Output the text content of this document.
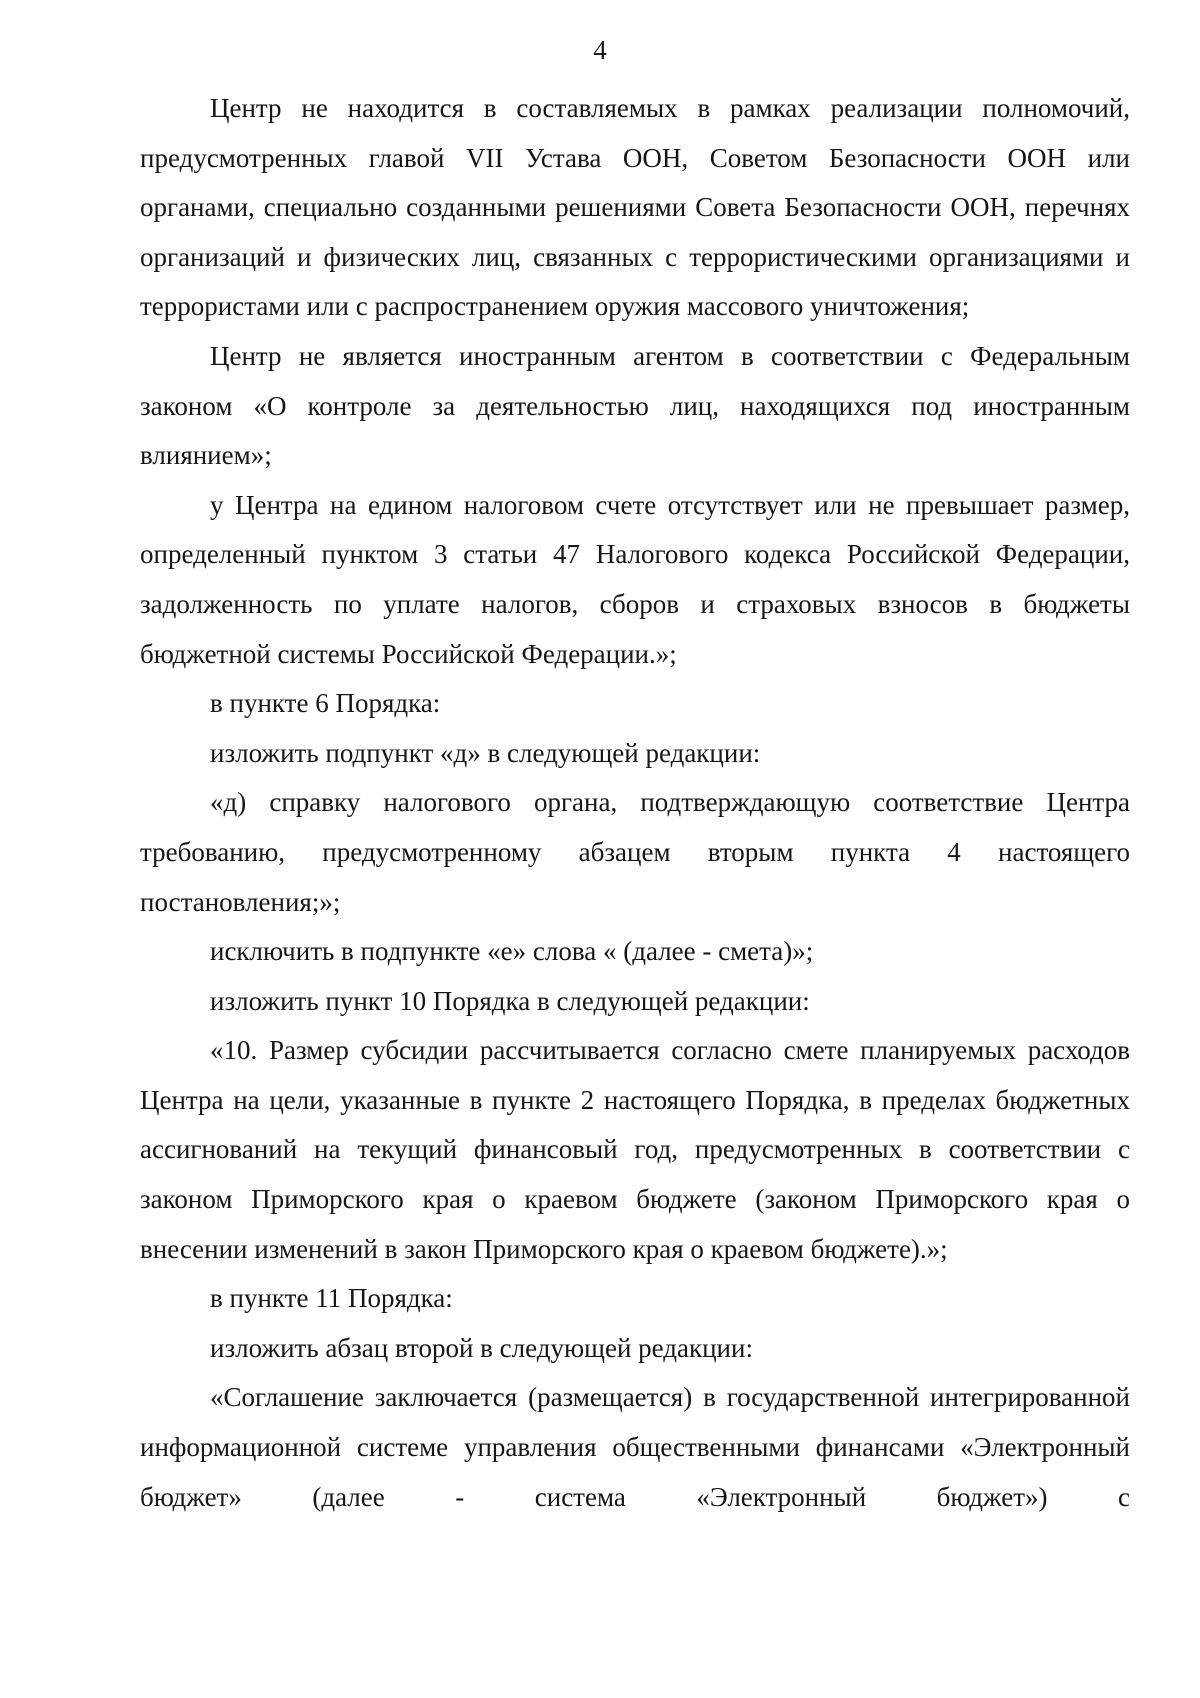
4

Центр не находится в составляемых в рамках реализации полномочий, предусмотренных главой VII Устава ООН, Советом Безопасности ООН или органами, специально созданными решениями Совета Безопасности ООН, перечнях организаций и физических лиц, связанных с террористическими организациями и террористами или с распространением оружия массового уничтожения;

Центр не является иностранным агентом в соответствии с Федеральным законом «О контроле за деятельностью лиц, находящихся под иностранным влиянием»;

у Центра на едином налоговом счете отсутствует или не превышает размер, определенный пунктом 3 статьи 47 Налогового кодекса Российской Федерации, задолженность по уплате налогов, сборов и страховых взносов в бюджеты бюджетной системы Российской Федерации.»;

в пункте 6 Порядка:

изложить подпункт «д» в следующей редакции:

«д) справку налогового органа, подтверждающую соответствие Центра требованию, предусмотренному абзацем вторым пункта 4 настоящего постановления;»;

исключить в подпункте «е» слова « (далее - смета)»;

изложить пункт 10 Порядка в следующей редакции:

«10. Размер субсидии рассчитывается согласно смете планируемых расходов Центра на цели, указанные в пункте 2 настоящего Порядка, в пределах бюджетных ассигнований на текущий финансовый год, предусмотренных в соответствии с законом Приморского края о краевом бюджете (законом Приморского края о внесении изменений в закон Приморского края о краевом бюджете).»;

в пункте 11 Порядка:

изложить абзац второй в следующей редакции:

«Соглашение заключается (размещается) в государственной интегрированной информационной системе управления общественными финансами «Электронный бюджет» (далее - система «Электронный бюджет») с
